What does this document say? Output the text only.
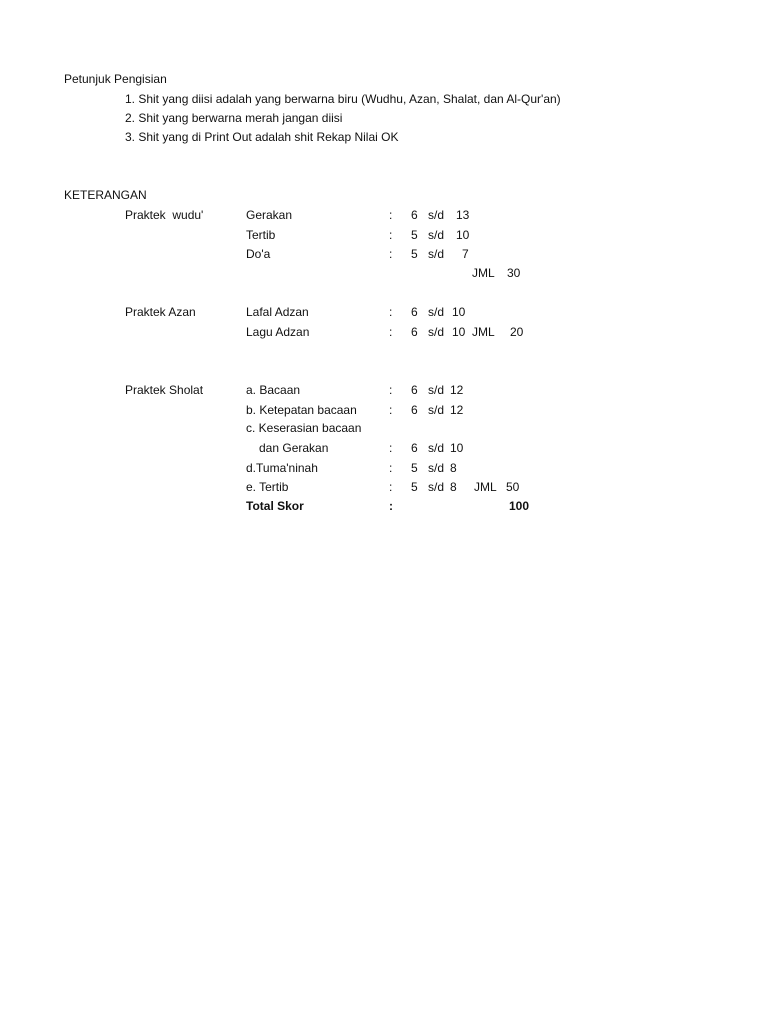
Petunjuk Pengisian
1. Shit yang diisi adalah yang berwarna biru (Wudhu, Azan, Shalat, dan Al-Qur'an)
2. Shit yang berwarna merah jangan diisi
3. Shit yang di Print Out adalah shit Rekap Nilai OK
KETERANGAN
Praktek  wudu'	Gerakan	: 6 s/d 13
Tertib	: 5 s/d 10
Do'a	: 5 s/d 7
JML 30
Praktek Azan	Lafal Adzan	: 6 s/d 10
Lagu Adzan	: 6 s/d 10 JML 20
Praktek Sholat	a. Bacaan	: 6 s/d 12
b. Ketepatan bacaan	: 6 s/d 12
c. Keserasian bacaan
dan Gerakan	: 6 s/d 10
d.Tuma'ninah	: 5 s/d 8
e. Tertib	: 5 s/d 8 JML 50
Total Skor	:	100
